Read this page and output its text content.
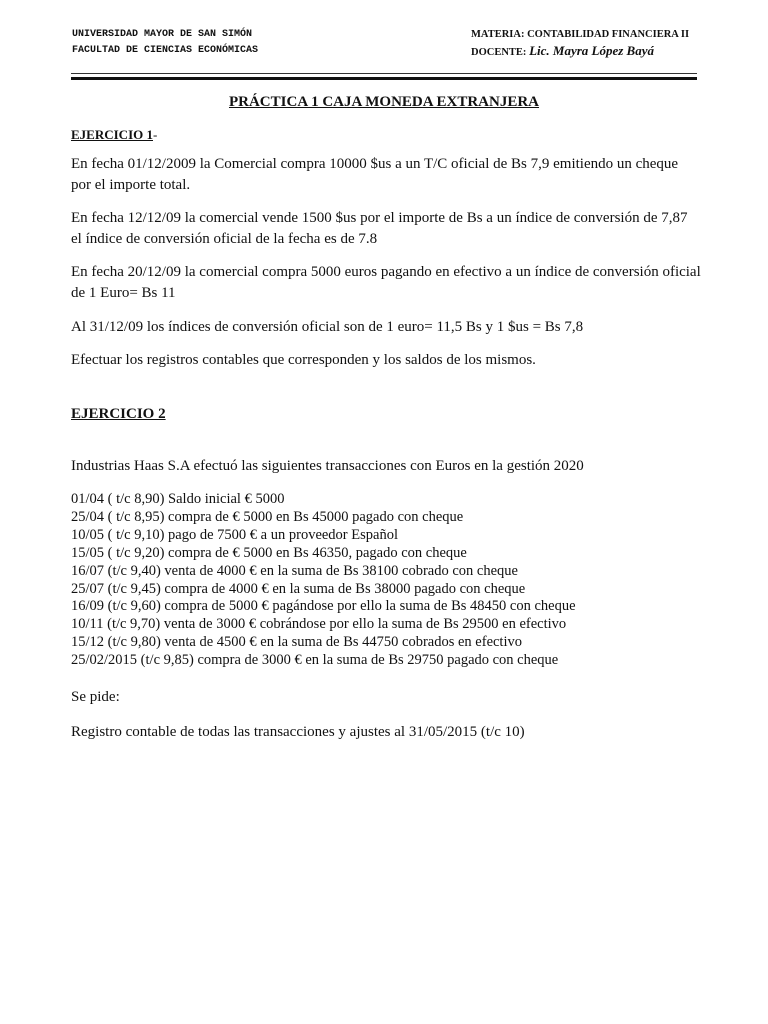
UNIVERSIDAD MAYOR DE SAN SIMÓN
FACULTAD DE CIENCIAS ECONÓMICAS
MATERIA: CONTABILIDAD FINANCIERA II
DOCENTE: Lic. Mayra López Bayá
PRÁCTICA 1 CAJA MONEDA EXTRANJERA
EJERCICIO 1-
En fecha 01/12/2009 la Comercial compra 10000 $us a un T/C oficial de Bs 7,9 emitiendo un cheque por el importe total.
En fecha 12/12/09 la comercial vende 1500 $us por el importe de Bs a un índice de conversión de 7,87 el índice de conversión oficial de la fecha es de 7.8
En fecha 20/12/09 la comercial compra 5000 euros pagando en efectivo a un índice de conversión oficial de 1 Euro= Bs 11
Al 31/12/09 los índices de conversión oficial son de 1 euro= 11,5 Bs y 1 $us = Bs 7,8
Efectuar los registros contables que corresponden y los saldos de los mismos.
EJERCICIO 2
Industrias Haas S.A efectuó las siguientes transacciones con Euros en la gestión 2020
01/04 ( t/c 8,90) Saldo inicial € 5000
25/04 ( t/c 8,95) compra de € 5000 en Bs 45000 pagado con cheque
10/05 ( t/c 9,10) pago de 7500 € a un proveedor Español
15/05 ( t/c 9,20) compra de € 5000 en Bs 46350, pagado con cheque
16/07 (t/c 9,40) venta de 4000 € en la suma de Bs 38100 cobrado con cheque
25/07 (t/c 9,45) compra de 4000 € en la suma de Bs 38000 pagado con cheque
16/09 (t/c 9,60) compra de 5000 € pagándose por ello la suma de Bs 48450 con cheque
10/11 (t/c 9,70) venta de 3000 € cobrándose por ello la suma de Bs 29500 en efectivo
15/12 (t/c 9,80) venta de 4500 € en la suma de Bs 44750 cobrados en efectivo
25/02/2015 (t/c 9,85) compra de 3000 € en la suma de Bs 29750 pagado con cheque
Se pide:
Registro contable de todas las transacciones y ajustes al 31/05/2015 (t/c 10)
